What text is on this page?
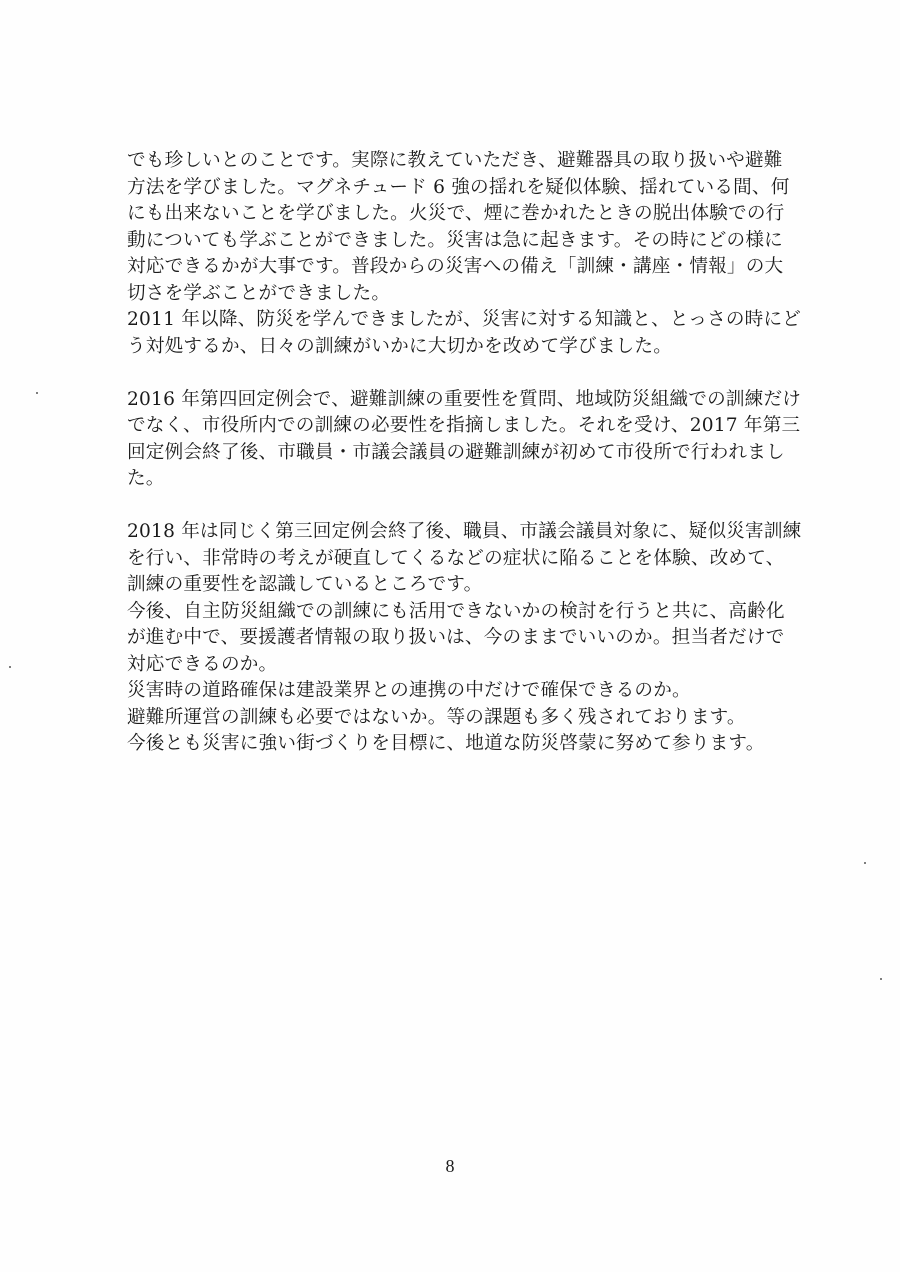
でも珍しいとのことです。実際に教えていただき、避難器具の取り扱いや避難
方法を学びました。マグネチュード 6 強の揺れを疑似体験、揺れている間、何
にも出来ないことを学びました。火災で、煙に巻かれたときの脱出体験での行
動についても学ぶことができました。災害は急に起きます。その時にどの様に
対応できるかが大事です。普段からの災害への備え「訓練・講座・情報」の大
切さを学ぶことができました。
2011 年以降、防災を学んできましたが、災害に対する知識と、とっさの時にど
う対処するか、日々の訓練がいかに大切かを改めて学びました。
2016 年第四回定例会で、避難訓練の重要性を質問、地域防災組織での訓練だけ
でなく、市役所内での訓練の必要性を指摘しました。それを受け、2017 年第三
回定例会終了後、市職員・市議会議員の避難訓練が初めて市役所で行われまし
た。
2018 年は同じく第三回定例会終了後、職員、市議会議員対象に、疑似災害訓練
を行い、非常時の考えが硬直してくるなどの症状に陥ることを体験、改めて、
訓練の重要性を認識しているところです。
今後、自主防災組織での訓練にも活用できないかの検討を行うと共に、高齢化
が進む中で、要援護者情報の取り扱いは、今のままでいいのか。担当者だけで
対応できるのか。
災害時の道路確保は建設業界との連携の中だけで確保できるのか。
避難所運営の訓練も必要ではないか。等の課題も多く残されております。
今後とも災害に強い街づくりを目標に、地道な防災啓蒙に努めて参ります。
8
